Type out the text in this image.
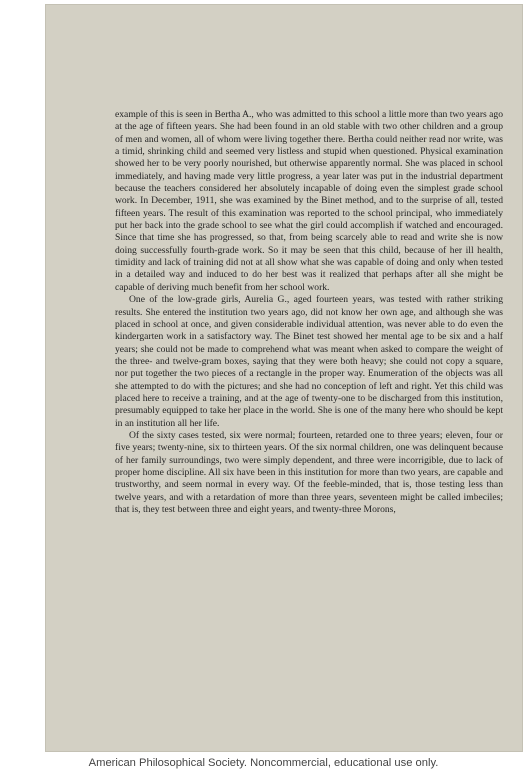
example of this is seen in Bertha A., who was admitted to this school a little more than two years ago at the age of fifteen years. She had been found in an old stable with two other children and a group of men and women, all of whom were living together there. Bertha could neither read nor write, was a timid, shrinking child and seemed very listless and stupid when questioned. Physical examination showed her to be very poorly nourished, but otherwise apparently normal. She was placed in school immediately, and having made very little progress, a year later was put in the industrial department because the teachers considered her absolutely incapable of doing even the simplest grade school work. In December, 1911, she was examined by the Binet method, and to the surprise of all, tested fifteen years. The result of this examination was reported to the school principal, who immediately put her back into the grade school to see what the girl could accomplish if watched and encouraged. Since that time she has progressed, so that, from being scarcely able to read and write she is now doing successfully fourth-grade work. So it may be seen that this child, because of her ill health, timidity and lack of training did not at all show what she was capable of doing and only when tested in a detailed way and induced to do her best was it realized that perhaps after all she might be capable of deriving much benefit from her school work.

One of the low-grade girls, Aurelia G., aged fourteen years, was tested with rather striking results. She entered the institution two years ago, did not know her own age, and although she was placed in school at once, and given considerable individual attention, was never able to do even the kindergarten work in a satisfactory way. The Binet test showed her mental age to be six and a half years; she could not be made to comprehend what was meant when asked to compare the weight of the three- and twelve-gram boxes, saying that they were both heavy; she could not copy a square, nor put together the two pieces of a rectangle in the proper way. Enumeration of the objects was all she attempted to do with the pictures; and she had no conception of left and right. Yet this child was placed here to receive a training, and at the age of twenty-one to be discharged from this institution, presumably equipped to take her place in the world. She is one of the many here who should be kept in an institution all her life.

Of the sixty cases tested, six were normal; fourteen, retarded one to three years; eleven, four or five years; twenty-nine, six to thirteen years. Of the six normal children, one was delinquent because of her family surroundings, two were simply dependent, and three were incorrigible, due to lack of proper home discipline. All six have been in this institution for more than two years, are capable and trustworthy, and seem normal in every way. Of the feeble-minded, that is, those testing less than twelve years, and with a retardation of more than three years, seventeen might be called imbeciles; that is, they test between three and eight years, and twenty-three Morons,

American Philosophical Society. Noncommercial, educational use only.
